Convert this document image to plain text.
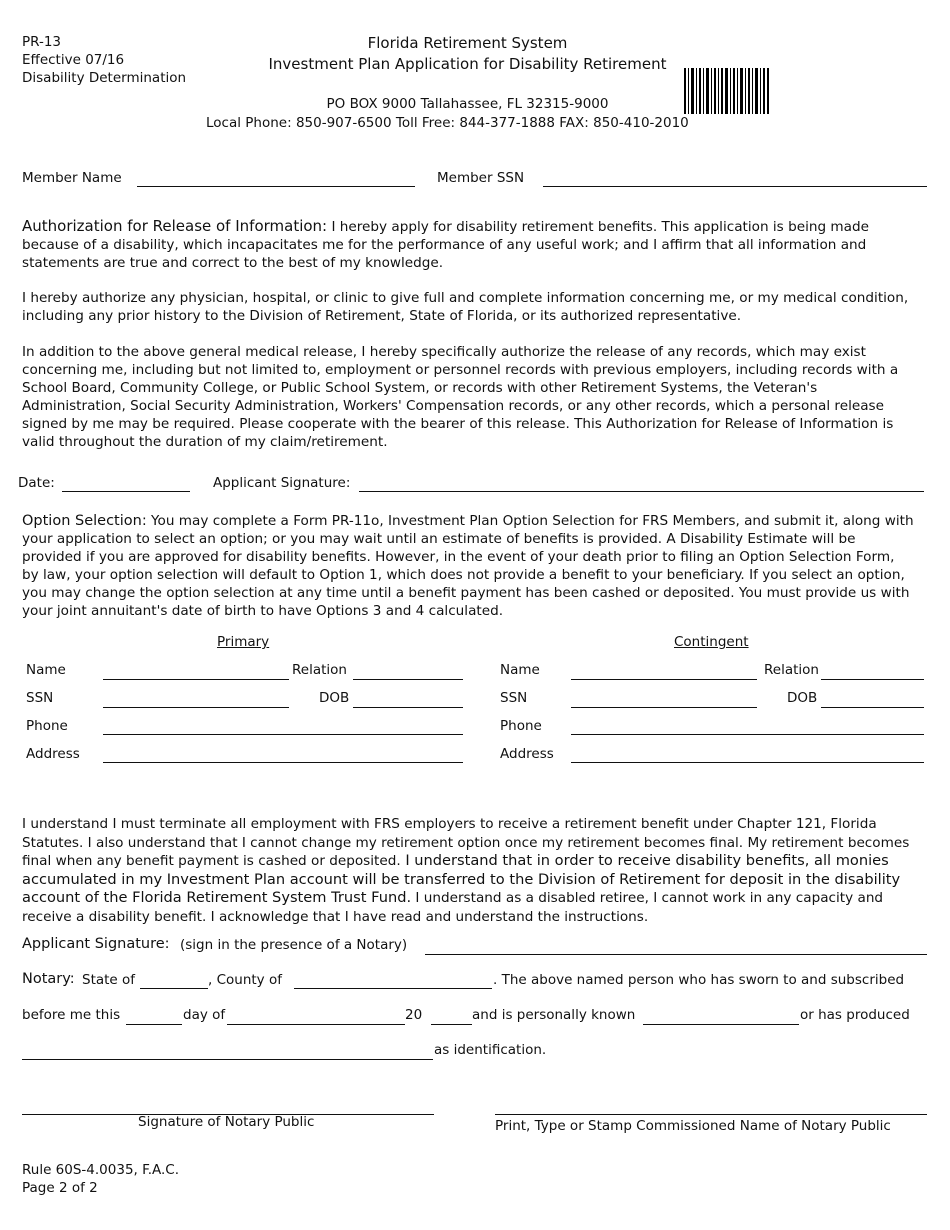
PR-13
Effective 07/16
Disability Determination
Florida Retirement System
Investment Plan Application for Disability Retirement
PO BOX 9000 Tallahassee, FL 32315-9000
Local Phone: 850-907-6500 Toll Free: 844-377-1888 FAX: 850-410-2010
Member Name	Member SSN
Authorization for Release of Information: I hereby apply for disability retirement benefits. This application is being made because of a disability, which incapacitates me for the performance of any useful work; and I affirm that all information and statements are true and correct to the best of my knowledge.
I hereby authorize any physician, hospital, or clinic to give full and complete information concerning me, or my medical condition, including any prior history to the Division of Retirement, State of Florida, or its authorized representative.
In addition to the above general medical release, I hereby specifically authorize the release of any records, which may exist concerning me, including but not limited to, employment or personnel records with previous employers, including records with a School Board, Community College, or Public School System, or records with other Retirement Systems, the Veteran's Administration, Social Security Administration, Workers' Compensation records, or any other records, which a personal release signed by me may be required. Please cooperate with the bearer of this release. This Authorization for Release of Information is valid throughout the duration of my claim/retirement.
Date:	Applicant Signature:
Option Selection: You may complete a Form PR-11o, Investment Plan Option Selection for FRS Members, and submit it, along with your application to select an option; or you may wait until an estimate of benefits is provided. A Disability Estimate will be provided if you are approved for disability benefits. However, in the event of your death prior to filing an Option Selection Form, by law, your option selection will default to Option 1, which does not provide a benefit to your beneficiary. If you select an option, you may change the option selection at any time until a benefit payment has been cashed or deposited. You must provide us with your joint annuitant's date of birth to have Options 3 and 4 calculated.
Primary
Name	Relation
SSN	DOB
Phone
Address
Contingent
Name	Relation
SSN	DOB
Phone
Address
I understand I must terminate all employment with FRS employers to receive a retirement benefit under Chapter 121, Florida Statutes. I also understand that I cannot change my retirement option once my retirement becomes final. My retirement becomes final when any benefit payment is cashed or deposited. I understand that in order to receive disability benefits, all monies accumulated in my Investment Plan account will be transferred to the Division of Retirement for deposit in the disability account of the Florida Retirement System Trust Fund. I understand as a disabled retiree, I cannot work in any capacity and receive a disability benefit. I acknowledge that I have read and understand the instructions.
Applicant Signature: (sign in the presence of a Notary)
Notary: State of	, County of	. The above named person who has sworn to and subscribed
before me this	day of	20	and is personally known	or has produced
as identification.
Signature of Notary Public	Print, Type or Stamp Commissioned Name of Notary Public
Rule 60S-4.0035, F.A.C.
Page 2 of 2
